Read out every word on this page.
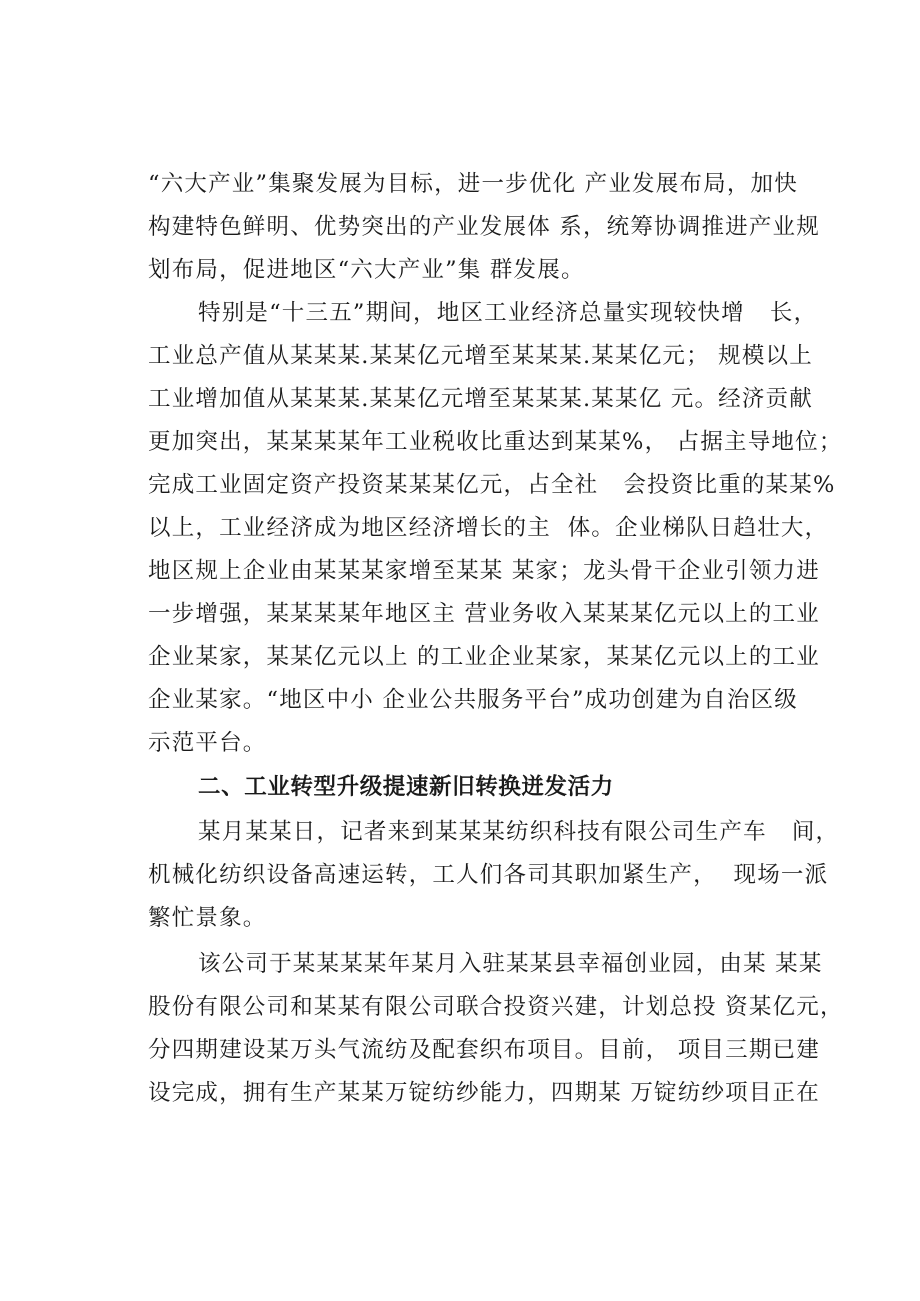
“六大产业”集聚发展为目标，进一步优化 产业发展布局，加快
构建特色鲜明、优势突出的产业发展体 系，统筹协调推进产业规
划布局，促进地区“六大产业”集 群发展。
特别是“十三五”期间，地区工业经济总量实现较快增   长，
工业总产值从某某某.某某亿元增至某某某.某某亿元； 规模以上
工业增加值从某某某.某某亿元增至某某某.某某亿 元。经济贡献
更加突出，某某某某年工业税收比重达到某某%， 占据主导地位；
完成工业固定资产投资某某某亿元，占全社   会投资比重的某某%
以上，工业经济成为地区经济增长的主  体。企业梯队日趋壮大，
地区规上企业由某某某家增至某某 某家；龙头骨干企业引领力进
一步增强，某某某某年地区主 营业务收入某某某亿元以上的工业
企业某家，某某亿元以上 的工业企业某家，某某亿元以上的工业
企业某家。“地区中小 企业公共服务平台”成功创建为自治区级
示范平台。
二、工业转型升级提速新旧转换迸发活力
某月某某日，记者来到某某某纺织科技有限公司生产车   间，
机械化纺织设备高速运转，工人们各司其职加紧生产，  现场一派
繁忙景象。
该公司于某某某某年某月入驻某某县幸福创业园，由某 某某
股份有限公司和某某有限公司联合投资兴建，计划总投 资某亿元，
分四期建设某万头气流纺及配套织布项目。目前， 项目三期已建
设完成，拥有生产某某万锭纺纱能力，四期某 万锭纺纱项目正在
